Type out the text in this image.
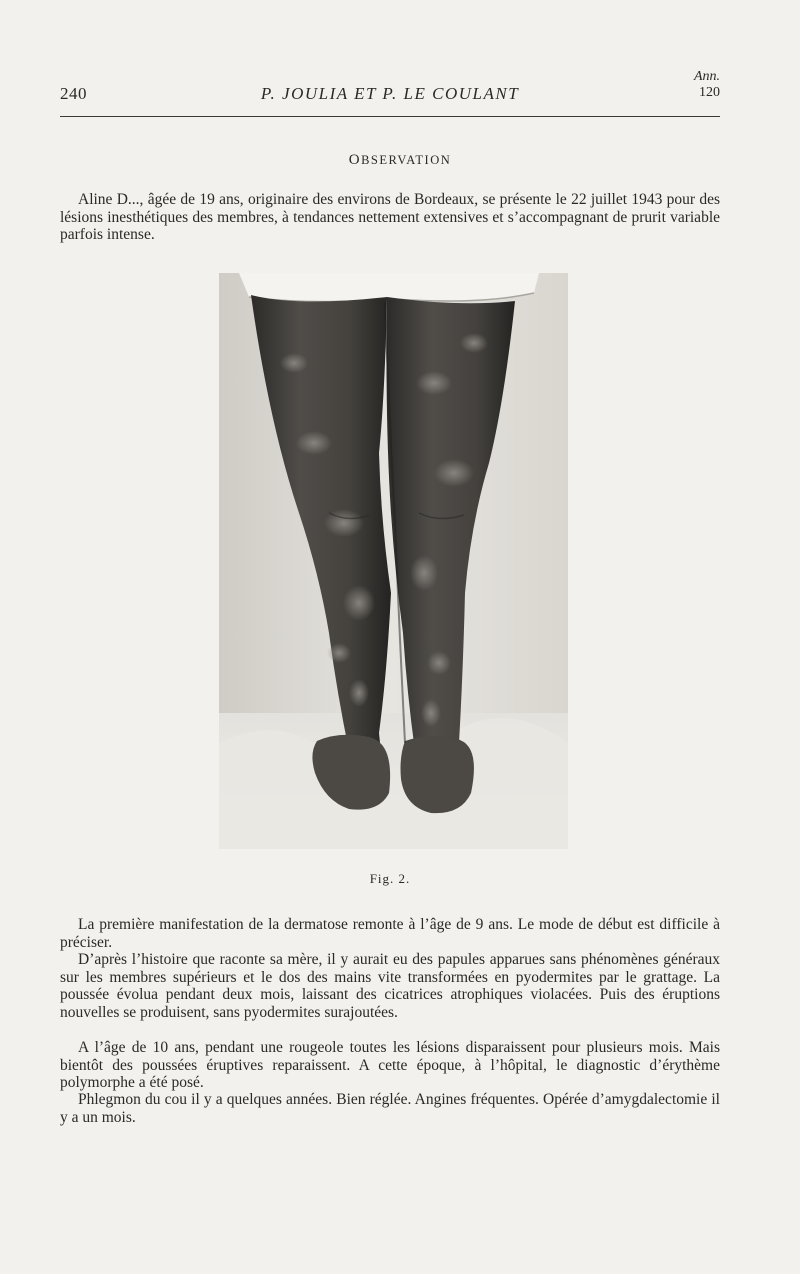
240	P. JOULIA ET P. LE COULANT
Ann.
120
OBSERVATION

Aline D..., âgée de 19 ans, originaire des environs de Bordeaux, se présente le 22 juillet 1943 pour des lésions inesthétiques des membres, à tendances nettement extensives et s’accompagnant de prurit variable parfois intense.

Fig. 2.

La première manifestation de la dermatose remonte à l’âge de 9 ans. Le mode de début est difficile à préciser.

D’après l’histoire que raconte sa mère, il y aurait eu des papules apparues sans phénomènes généraux sur les membres supérieurs et le dos des mains vite transformées en pyodermites par le grattage. La poussée évolua pendant deux mois, laissant des cicatrices atrophiques violacées. Puis des éruptions nouvelles se produisent, sans pyodermites surajoutées.

A l’âge de 10 ans, pendant une rougeole toutes les lésions disparaissent pour plusieurs mois. Mais bientôt des poussées éruptives reparaissent. A cette époque, à l’hôpital, le diagnostic d’érythème polymorphe a été posé.

Phlegmon du cou il y a quelques années. Bien réglée. Angines fréquentes. Opérée d’amygdalectomie il y a un mois.
